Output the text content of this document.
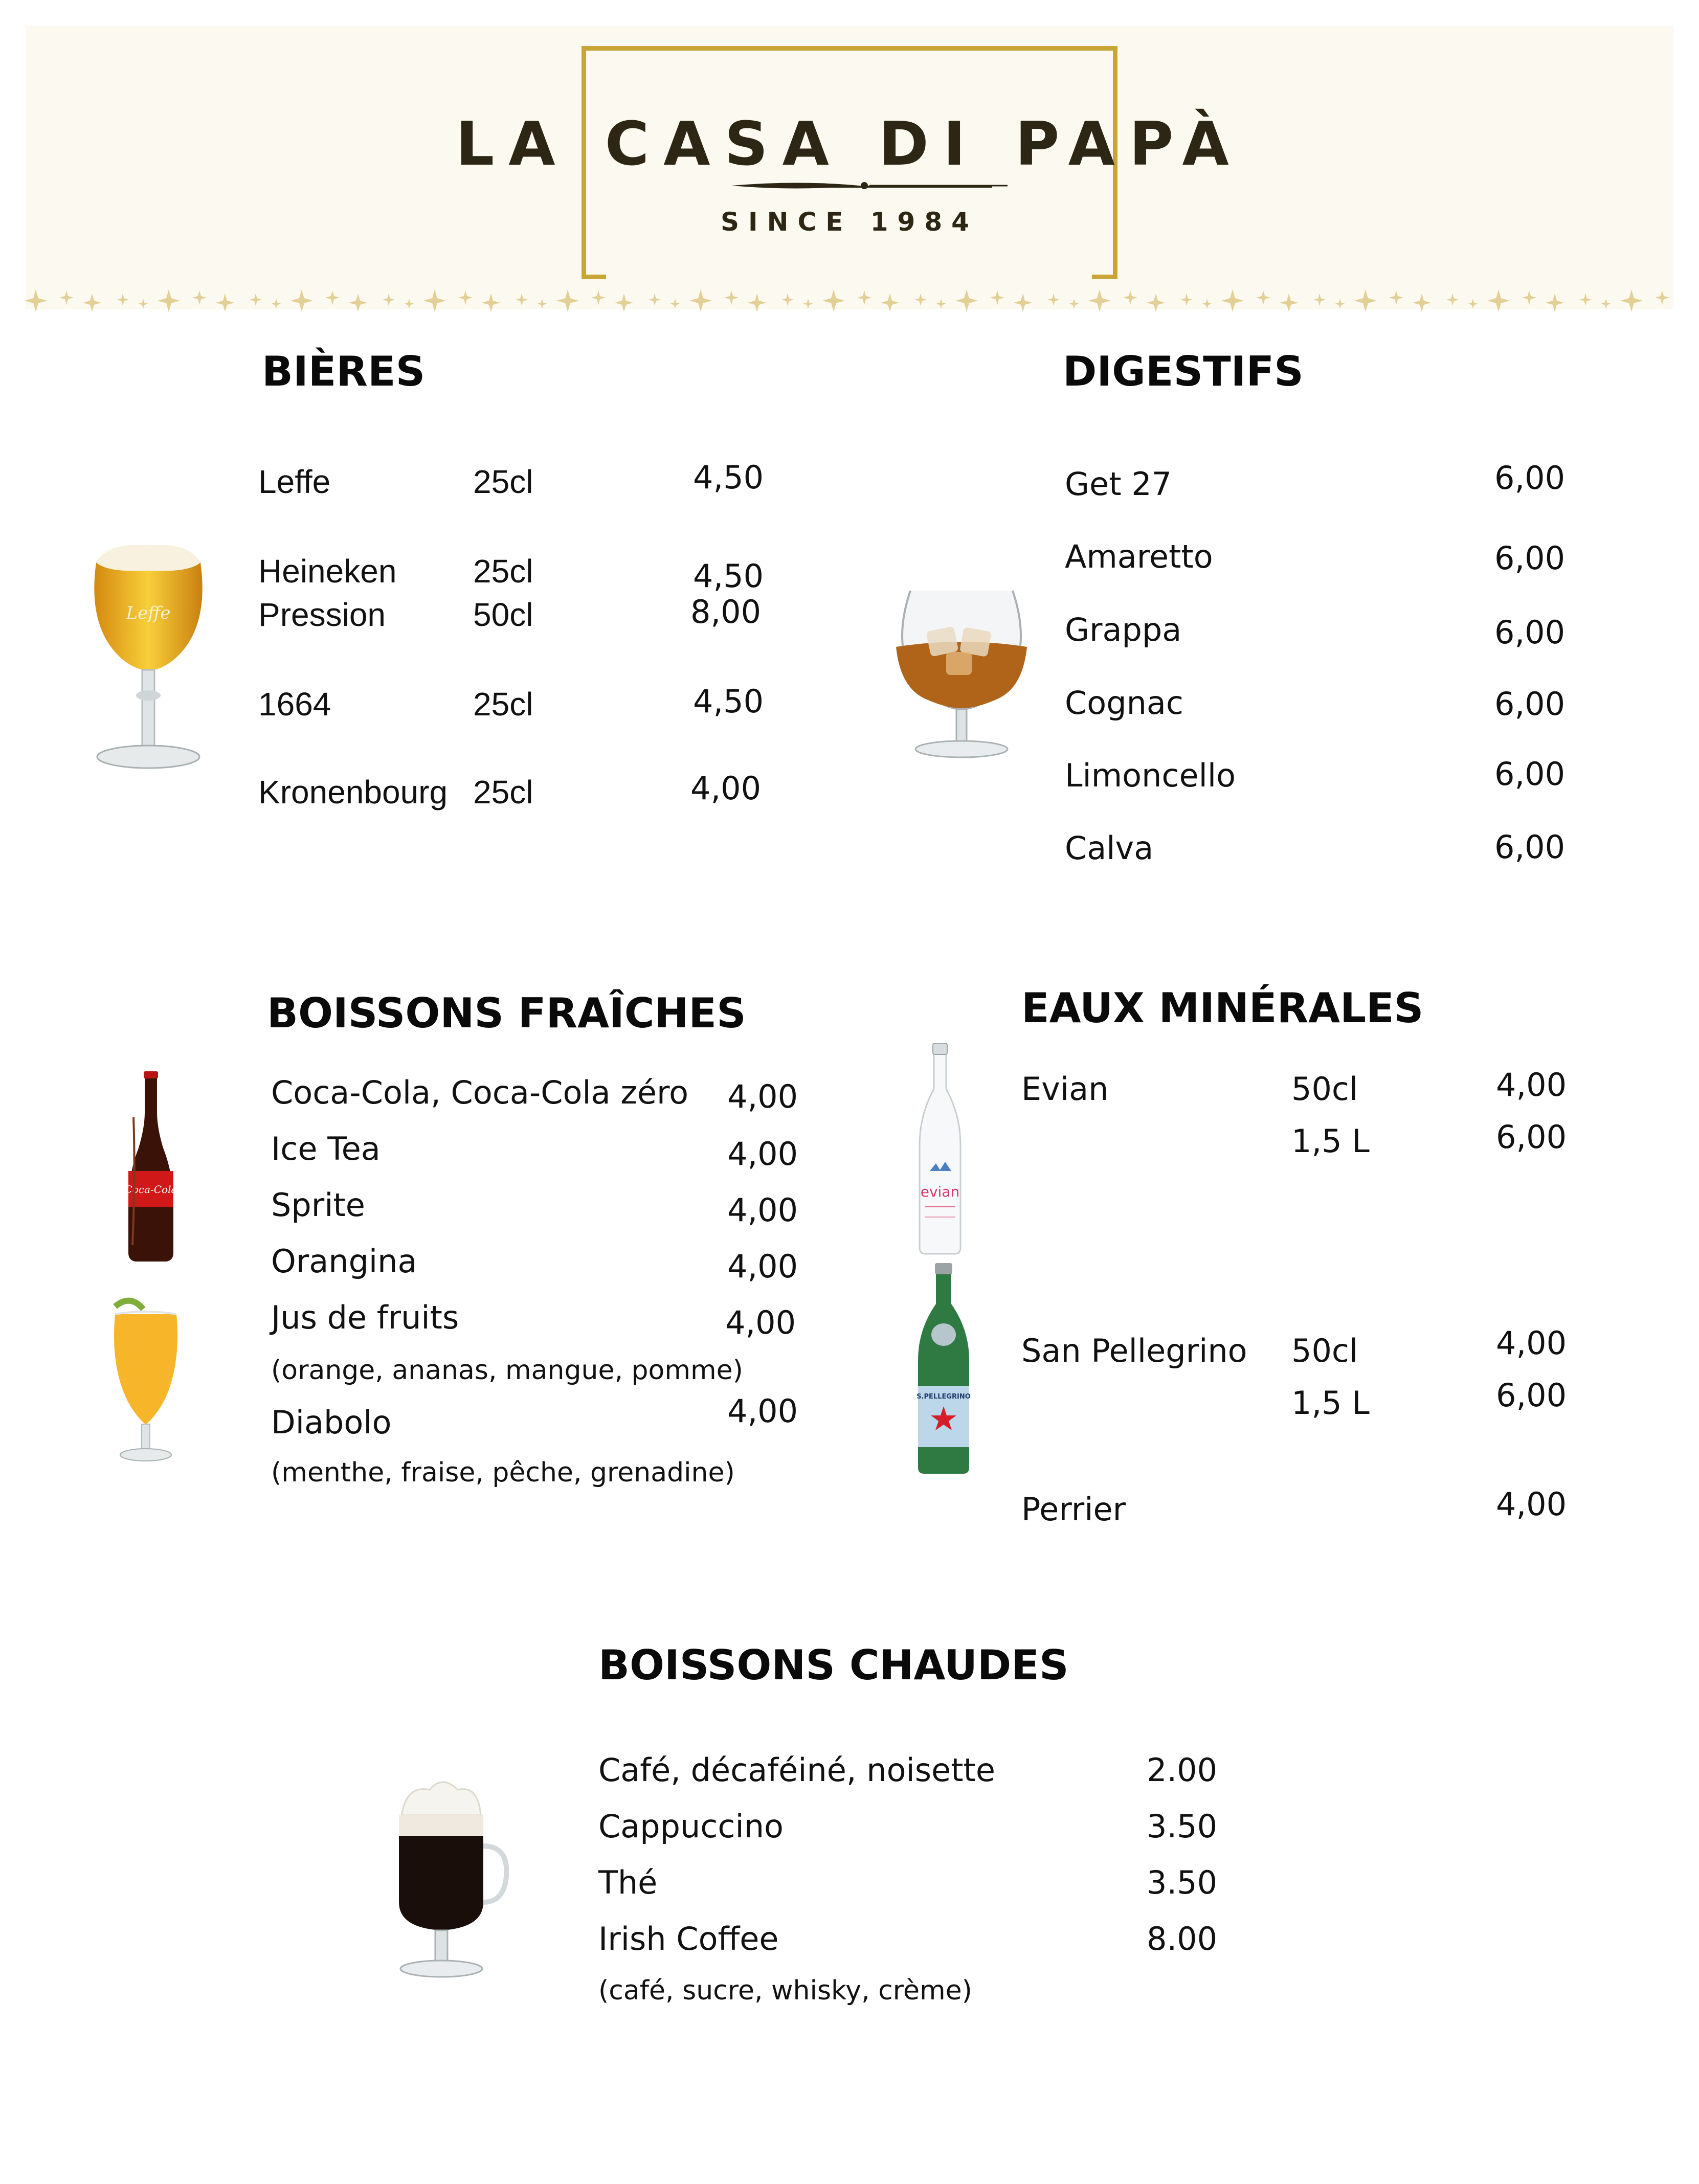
LA CASA DI PAPÀ
SINCE 1984
BIÈRES
Leffe	25cl	4,50
Heineken 25cl	4,50
Pression	50cl	8,00
1664	25cl	4,50
Kronenbourg 25cl	4,00
Leffe
DIGESTIFS
Get 27	6,00
Amaretto	6,00
Grappa	6,00
Cognac	6,00
Limoncello	6,00
Calva	6,00
BOISSONS FRAÎCHES
Coca-Cola, Coca-Cola zéro 4,00
Ice Tea	4,00
Sprite	4,00
Orangina	4,00
Jus de fruits	4,00
(orange, ananas, mangue, pomme)
Diabolo	4,00
(menthe, fraise, pêche, grenadine)
Coca-Cola
EAUX MINÉRALES
Evian	50cl	4,00
1,5 L	6,00
San Pellegrino 50cl	4,00
1,5 L	6,00
Perrier	4,00
evian
S.PELLEGRINO
BOISSONS CHAUDES
Café, décaféiné, noisette	2.00
Cappuccino	3.50
Thé	3.50
Irish Coffee	8.00
(café, sucre, whisky, crème)
